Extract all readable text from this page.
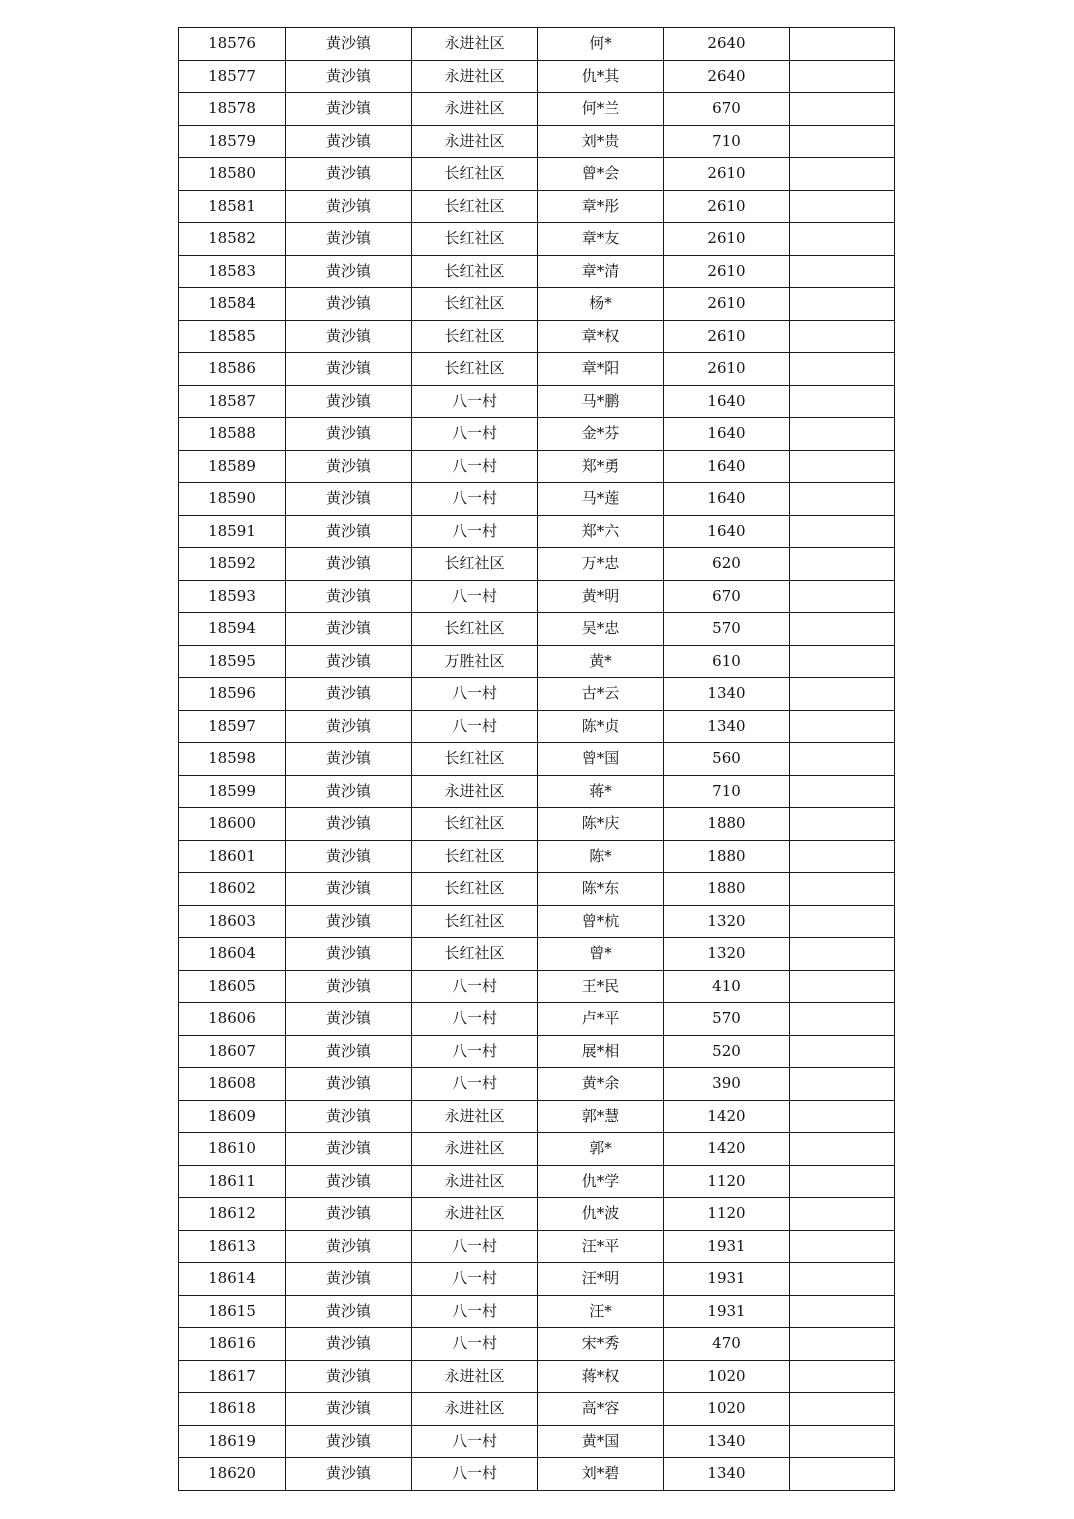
18576	黄沙镇	永进社区	何*	2640	
18577	黄沙镇	永进社区	仇*其	2640	
18578	黄沙镇	永进社区	何*兰	670	
18579	黄沙镇	永进社区	刘*贵	710	
18580	黄沙镇	长红社区	曾*会	2610	
18581	黄沙镇	长红社区	章*彤	2610	
18582	黄沙镇	长红社区	章*友	2610	
18583	黄沙镇	长红社区	章*清	2610	
18584	黄沙镇	长红社区	杨*	2610	
18585	黄沙镇	长红社区	章*权	2610	
18586	黄沙镇	长红社区	章*阳	2610	
18587	黄沙镇	八一村	马*鹏	1640	
18588	黄沙镇	八一村	金*芬	1640	
18589	黄沙镇	八一村	郑*勇	1640	
18590	黄沙镇	八一村	马*莲	1640	
18591	黄沙镇	八一村	郑*六	1640	
18592	黄沙镇	长红社区	万*忠	620	
18593	黄沙镇	八一村	黄*明	670	
18594	黄沙镇	长红社区	吴*忠	570	
18595	黄沙镇	万胜社区	黄*	610	
18596	黄沙镇	八一村	古*云	1340	
18597	黄沙镇	八一村	陈*贞	1340	
18598	黄沙镇	长红社区	曾*国	560	
18599	黄沙镇	永进社区	蒋*	710	
18600	黄沙镇	长红社区	陈*庆	1880	
18601	黄沙镇	长红社区	陈*	1880	
18602	黄沙镇	长红社区	陈*东	1880	
18603	黄沙镇	长红社区	曾*杭	1320	
18604	黄沙镇	长红社区	曾*	1320	
18605	黄沙镇	八一村	王*民	410	
18606	黄沙镇	八一村	卢*平	570	
18607	黄沙镇	八一村	展*相	520	
18608	黄沙镇	八一村	黄*余	390	
18609	黄沙镇	永进社区	郭*慧	1420	
18610	黄沙镇	永进社区	郭*	1420	
18611	黄沙镇	永进社区	仇*学	1120	
18612	黄沙镇	永进社区	仇*波	1120	
18613	黄沙镇	八一村	汪*平	1931	
18614	黄沙镇	八一村	汪*明	1931	
18615	黄沙镇	八一村	汪*	1931	
18616	黄沙镇	八一村	宋*秀	470	
18617	黄沙镇	永进社区	蒋*权	1020	
18618	黄沙镇	永进社区	高*容	1020	
18619	黄沙镇	八一村	黄*国	1340	
18620	黄沙镇	八一村	刘*碧	1340	
